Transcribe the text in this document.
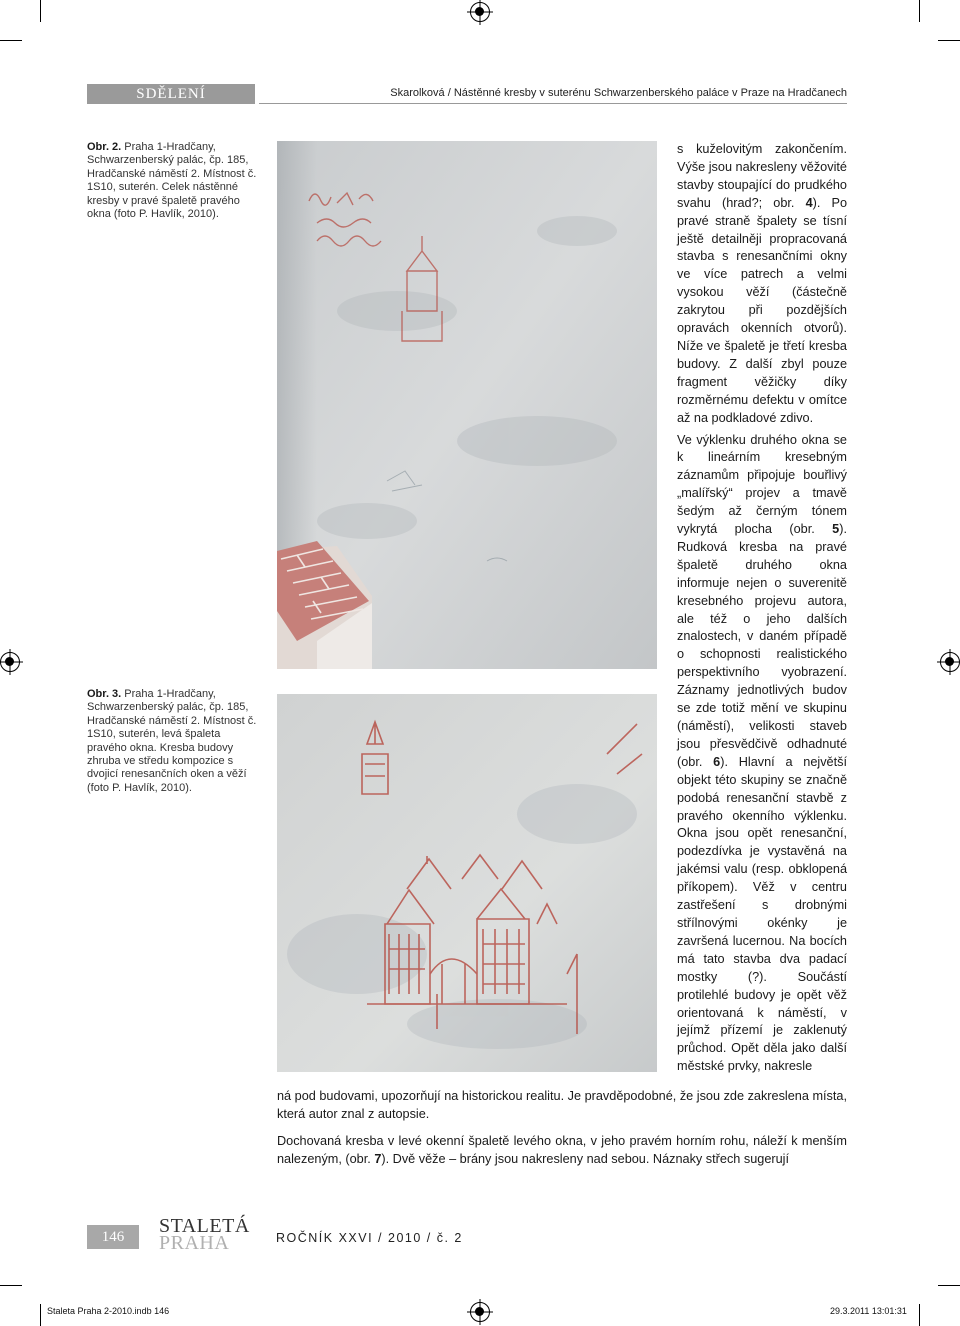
SDĚLENÍ	Skarolková / Nástěnné kresby v suterénu Schwarzenberského paláce v Praze na Hradčanech
Obr. 2. Praha 1-Hradčany, Schwarzenberský palác, čp. 185, Hradčanské náměstí 2. Místnost č. 1S10, suterén. Celek nástěnné kresby v pravé špaletě pravého okna (foto P. Havlík, 2010).
Obr. 3. Praha 1-Hradčany, Schwarzenberský palác, čp. 185, Hradčanské náměstí 2. Místnost č. 1S10, suterén, levá špaleta pravého okna. Kresba budovy zhruba ve středu kompozice s dvojicí renesančních oken a věží (foto P. Havlík, 2010).

s kuželovitým zakončením. Výše jsou nakresleny věžovité stavby stoupající do prudkého svahu (hrad?; obr. 4). Po pravé straně špalety se tísní ještě detailněji propracovaná stavba s renesančními okny ve více patrech a velmi vysokou věží (částečně zakrytou při pozdějších opravách okenních otvorů). Níže ve špaletě je třetí kresba budovy. Z další zbyl pouze fragment věžičky díky rozměrnému defektu v omítce až na podkladové zdivo.

Ve výklenku druhého okna se k lineárním kresebným záznamům připojuje bouřlivý „malířský“ projev a tmavě šedým až černým tónem vykrytá plocha (obr. 5). Rudková kresba na pravé špaletě druhého okna informuje nejen o suverenitě kresebného projevu autora, ale též o jeho dalších znalostech, v daném případě o schopnosti realistického perspektivního vyobrazení. Záznamy jednotlivých budov se zde totiž mění ve skupinu (náměstí), velikosti staveb jsou přesvědčivě odhadnuté (obr. 6). Hlavní a největší objekt této skupiny se značně podobá renesanční stavbě z pravého okenního výklenku. Okna jsou opět renesanční, podezdívka je vystavěná na jakémsi valu (resp. obklopená příkopem). Věž v centru zastřešení s drobnými střílnovými okénky je završená lucernou. Na bocích má tato stavba dva padací mostky (?). Součástí protilehlé budovy je opět věž orientovaná k náměstí, v jejímž přízemí je zaklenutý průchod. Opět děla jako další městské prvky, nakresle

ná pod budovami, upozorňují na historickou realitu. Je pravděpodobné, že jsou zde zakreslena místa, která autor znal z autopsie.

Dochovaná kresba v levé okenní špaletě levého okna, v jeho pravém horním rohu, náleží k menším nalezeným, (obr. 7). Dvě věže – brány jsou nakresleny nad sebou. Náznaky střech sugerují

146	STALETÁ
PRAHA	ROČNÍK XXVI / 2010 / č. 2
Staleta Praha 2-2010.indb 146	29.3.2011 13:01:31
